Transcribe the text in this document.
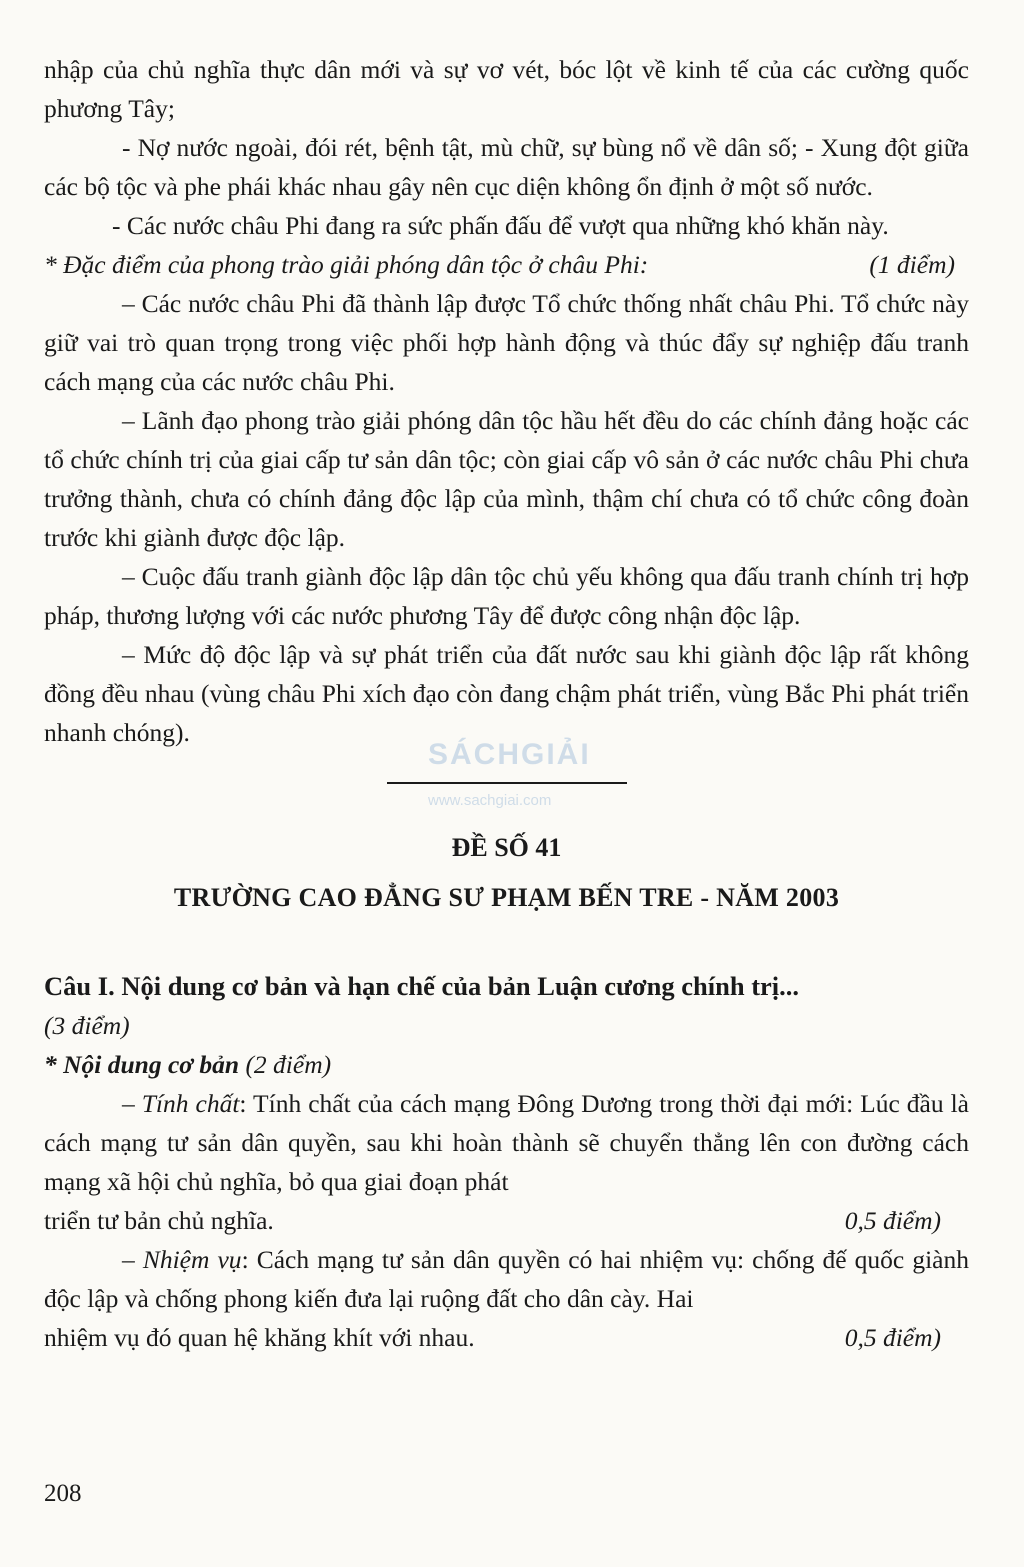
nhập của chủ nghĩa thực dân mới và sự vơ vét, bóc lột về kinh tế của các cường quốc phương Tây;

- Nợ nước ngoài, đói rét, bệnh tật, mù chữ, sự bùng nổ về dân số; - Xung đột giữa các bộ tộc và phe phái khác nhau gây nên cục diện không ổn định ở một số nước.

- Các nước châu Phi đang ra sức phấn đấu để vượt qua những khó khăn này.

* Đặc điểm của phong trào giải phóng dân tộc ở châu Phi:	(1 điểm)

– Các nước châu Phi đã thành lập được Tổ chức thống nhất châu Phi. Tổ chức này giữ vai trò quan trọng trong việc phối hợp hành động và thúc đẩy sự nghiệp đấu tranh cách mạng của các nước châu Phi.

– Lãnh đạo phong trào giải phóng dân tộc hầu hết đều do các chính đảng hoặc các tổ chức chính trị của giai cấp tư sản dân tộc; còn giai cấp vô sản ở các nước châu Phi chưa trưởng thành, chưa có chính đảng độc lập của mình, thậm chí chưa có tổ chức công đoàn trước khi giành được độc lập.

– Cuộc đấu tranh giành độc lập dân tộc chủ yếu không qua đấu tranh chính trị hợp pháp, thương lượng với các nước phương Tây để được công nhận độc lập.

– Mức độ độc lập và sự phát triển của đất nước sau khi giành độc lập rất không đồng đều nhau (vùng châu Phi xích đạo còn đang chậm phát triển, vùng Bắc Phi phát triển nhanh chóng).

ĐỀ SỐ 41
TRƯỜNG CAO ĐẲNG SƯ PHẠM BẾN TRE - NĂM 2003

Câu I. Nội dung cơ bản và hạn chế của bản Luận cương chính trị...

(3 điểm)

* Nội dung cơ bản (2 điểm)

– Tính chất: Tính chất của cách mạng Đông Dương trong thời đại mới: Lúc đầu là cách mạng tư sản dân quyền, sau khi hoàn thành sẽ chuyển thẳng lên con đường cách mạng xã hội chủ nghĩa, bỏ qua giai đoạn phát

triển tư bản chủ nghĩa.	0,5 điểm)

– Nhiệm vụ: Cách mạng tư sản dân quyền có hai nhiệm vụ: chống đế quốc giành độc lập và chống phong kiến đưa lại ruộng đất cho dân cày. Hai

nhiệm vụ đó quan hệ khăng khít với nhau.	0,5 điểm)
208
SÁCHGIẢI
www.sachgiai.com
